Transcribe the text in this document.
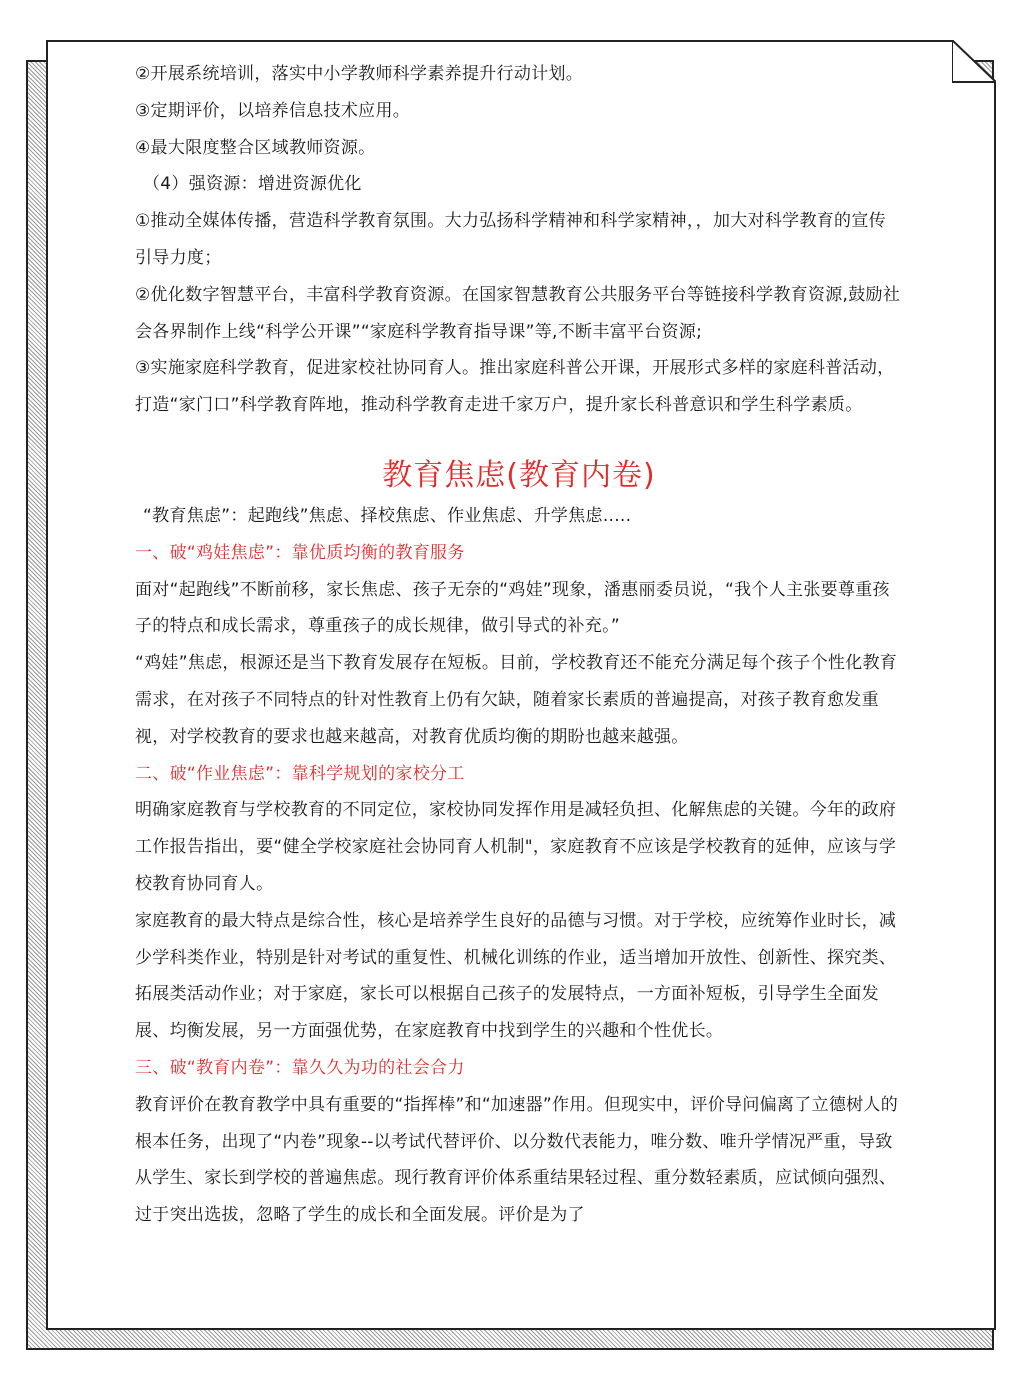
②开展系统培训，落实中小学教师科学素养提升行动计划。

③定期评价，以培养信息技术应用。

④最大限度整合区域教师资源。

（4）强资源：增进资源优化

①推动全媒体传播，营造科学教育氛围。大力弘扬科学精神和科学家精神，，加大对科学教育的宣传引导力度；

②优化数字智慧平台，丰富科学教育资源。在国家智慧教育公共服务平台等链接科学教育资源,鼓励社会各界制作上线“科学公开课”“家庭科学教育指导课”等,不断丰富平台资源;

③实施家庭科学教育，促进家校社协同育人。推出家庭科普公开课，开展形式多样的家庭科普活动，打造“家门口”科学教育阵地，推动科学教育走进千家万户，提升家长科普意识和学生科学素质。

教育焦虑(教育内卷)

“教育焦虑”：起跑线”焦虑、择校焦虑、作业焦虑、升学焦虑.....

一、破“鸡娃焦虑”：靠优质均衡的教育服务

面对“起跑线”不断前移，家长焦虑、孩子无奈的“鸡娃”现象，潘惠丽委员说，“我个人主张要尊重孩子的特点和成长需求，尊重孩子的成长规律，做引导式的补充。”

“鸡娃”焦虑，根源还是当下教育发展存在短板。目前，学校教育还不能充分满足每个孩子个性化教育需求，在对孩子不同特点的针对性教育上仍有欠缺，随着家长素质的普遍提高，对孩子教育愈发重视，对学校教育的要求也越来越高，对教育优质均衡的期盼也越来越强。

二、破“作业焦虑”：靠科学规划的家校分工

明确家庭教育与学校教育的不同定位，家校协同发挥作用是减轻负担、化解焦虑的关键。今年的政府工作报告指出，要“健全学校家庭社会协同育人机制"，家庭教育不应该是学校教育的延伸，应该与学校教育协同育人。

家庭教育的最大特点是综合性，核心是培养学生良好的品德与习惯。对于学校，应统筹作业时长，减少学科类作业，特别是针对考试的重复性、机械化训练的作业，适当增加开放性、创新性、探究类、拓展类活动作业；对于家庭，家长可以根据自己孩子的发展特点，一方面补短板，引导学生全面发展、均衡发展，另一方面强优势，在家庭教育中找到学生的兴趣和个性优长。

三、破“教育内卷”：靠久久为功的社会合力

教育评价在教育教学中具有重要的“指挥棒”和“加速器”作用。但现实中，评价导问偏离了立德树人的根本任务，出现了“内卷”现象--以考试代替评价、以分数代表能力，唯分数、唯升学情况严重，导致从学生、家长到学校的普遍焦虑。现行教育评价体系重结果轻过程、重分数轻素质，应试倾向强烈、过于突出选拔，忽略了学生的成长和全面发展。评价是为了
